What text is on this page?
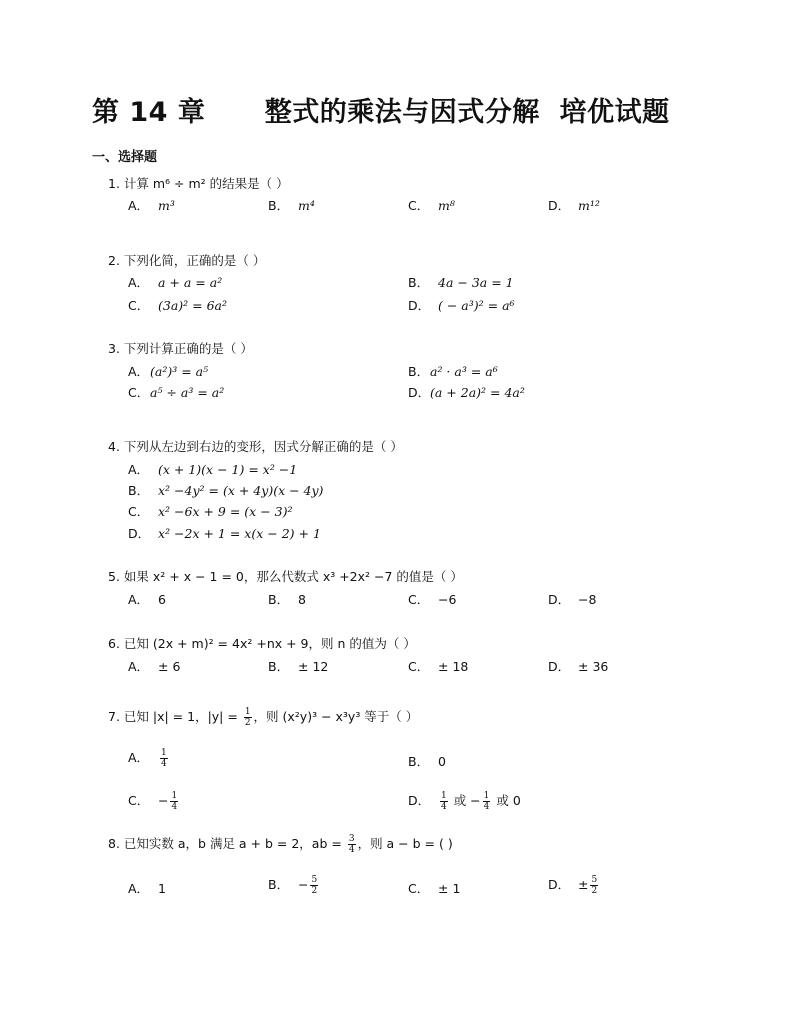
第 14 章      整式的乘法与因式分解  培优试题
一、选择题
1. 计算 m⁶ ÷ m² 的结果是（ ）
A． m³	B． m⁴	C． m⁸	D． m¹²
2. 下列化简，正确的是（ ）
A． a + a = a²	B． 4a − 3a = 1
C． (3a)² = 6a²	D． ( − a³)² = a⁶
3. 下列计算正确的是（ ）
A．(a²)³ = a⁵	B．a² · a³ = a⁶
C．a⁵ ÷ a³ = a²	D．(a + 2a)² = 4a²
4. 下列从左边到右边的变形，因式分解正确的是（ ）
A． (x + 1)(x − 1) = x² −1
B． x² −4y² = (x + 4y)(x − 4y)
C． x² −6x + 9 = (x − 3)²
D． x² −2x + 1 = x(x − 2) + 1
5. 如果 x² + x − 1 = 0，那么代数式 x³ +2x² −7 的值是（ ）
A． 6	B． 8	C． −6	D． −8
6. 已知 (2x + m)² = 4x² +nx + 9，则 n 的值为（ ）
A． ± 6	B． ± 12	C． ± 18	D． ± 36
7. 已知 |x| = 1，$|y| = \frac{1}{2}$ ，则 (x²y)³ − x³y³ 等于（ ）
A． $\frac{1}{4}$	B． 0
C． − $\frac{1}{4}$	D． $\frac{1}{4}$ 或 − $\frac{1}{4}$ 或 0
8. 已知实数 a，b 满足 a + b = 2，ab = $\frac{3}{4}$ ，则 a − b = ( )
A． 1	B． − $\frac{5}{2}$	C． ± 1	D． ± $\frac{5}{2}$
